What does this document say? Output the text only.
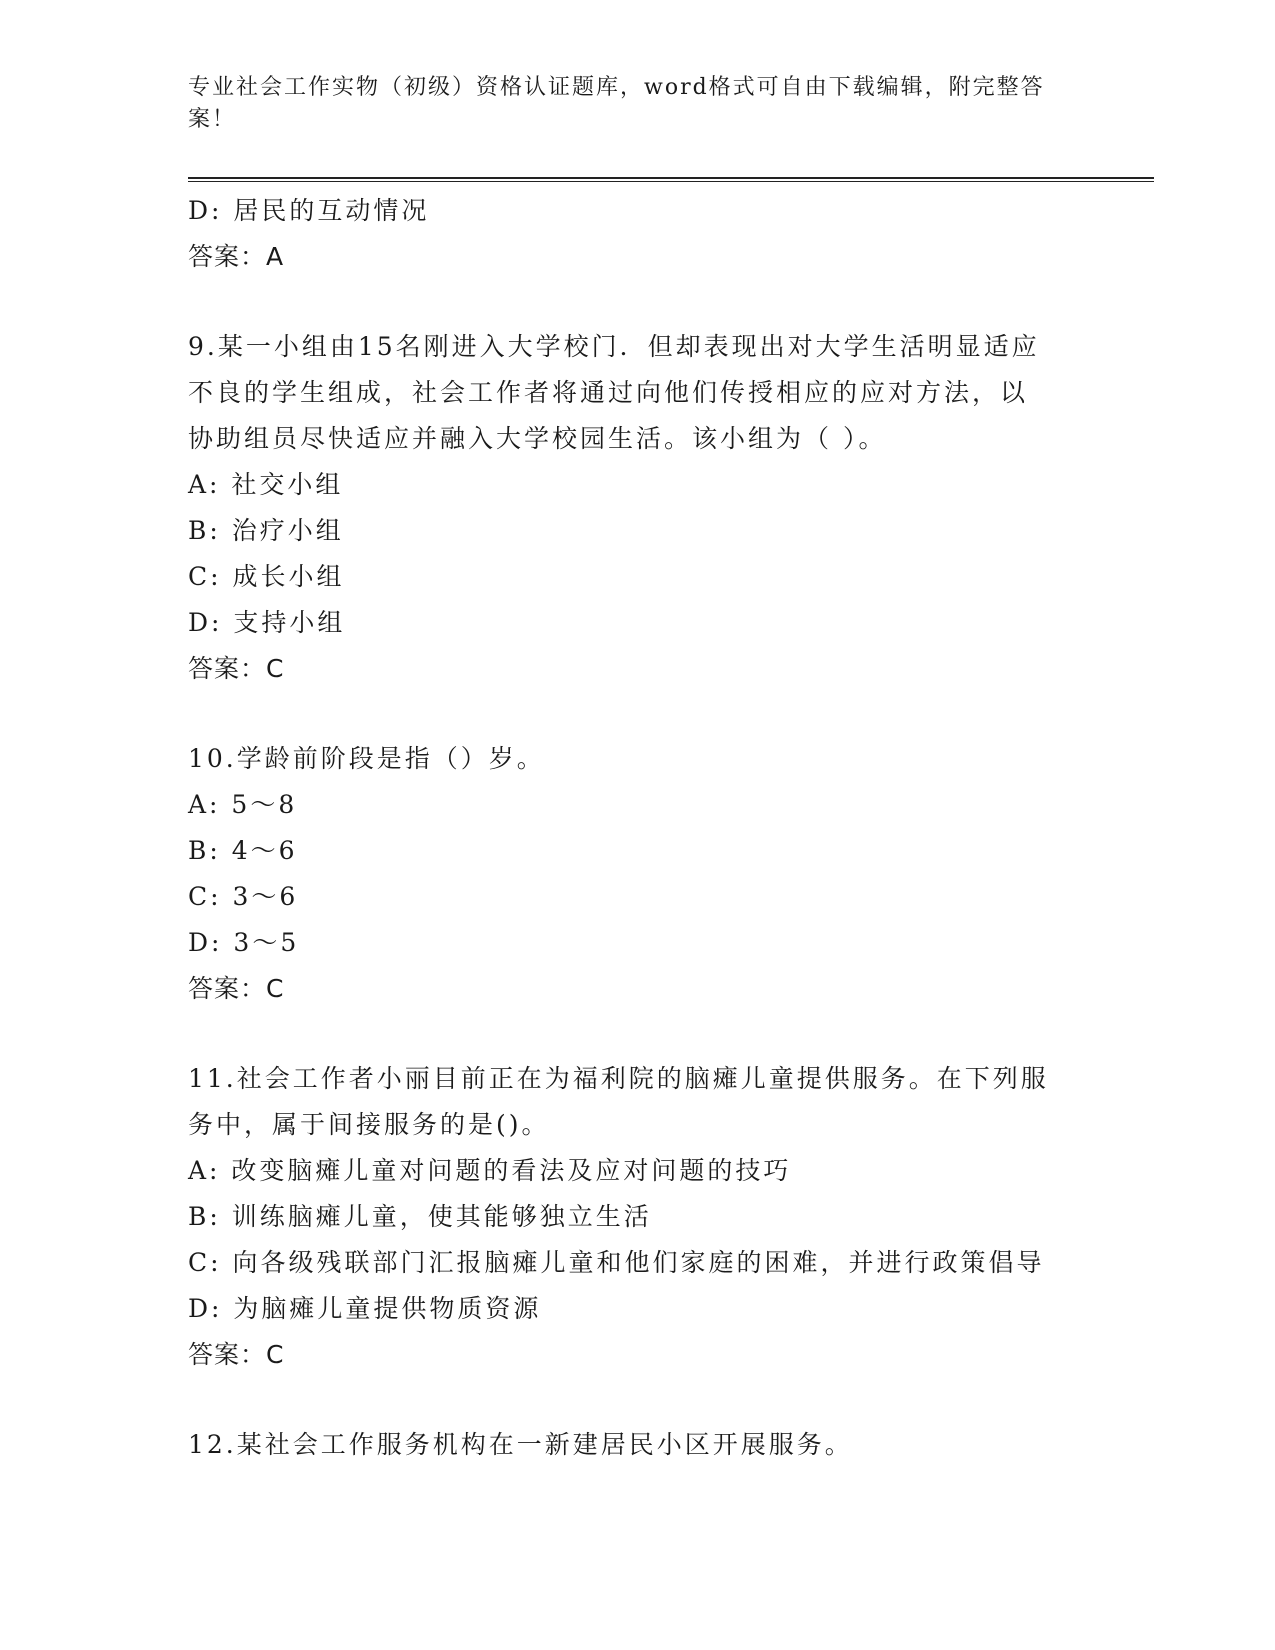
专业社会工作实物（初级）资格认证题库，word格式可自由下载编辑，附完整答
案！
D: 居民的互动情况
答案：A
9.某一小组由15名刚进入大学校门．但却表现出对大学生活明显适应
不良的学生组成，社会工作者将通过向他们传授相应的应对方法，以
协助组员尽快适应并融入大学校园生活。该小组为（ ）。
A: 社交小组
B: 治疗小组
C: 成长小组
D: 支持小组
答案：C
10.学龄前阶段是指（）岁。
A: 5～8
B: 4～6
C: 3～6
D: 3～5
答案：C
11.社会工作者小丽目前正在为福利院的脑瘫儿童提供服务。在下列服
务中，属于间接服务的是()。
A: 改变脑瘫儿童对问题的看法及应对问题的技巧
B: 训练脑瘫儿童，使其能够独立生活
C: 向各级残联部门汇报脑瘫儿童和他们家庭的困难，并进行政策倡导
D: 为脑瘫儿童提供物质资源
答案：C
12.某社会工作服务机构在一新建居民小区开展服务。
